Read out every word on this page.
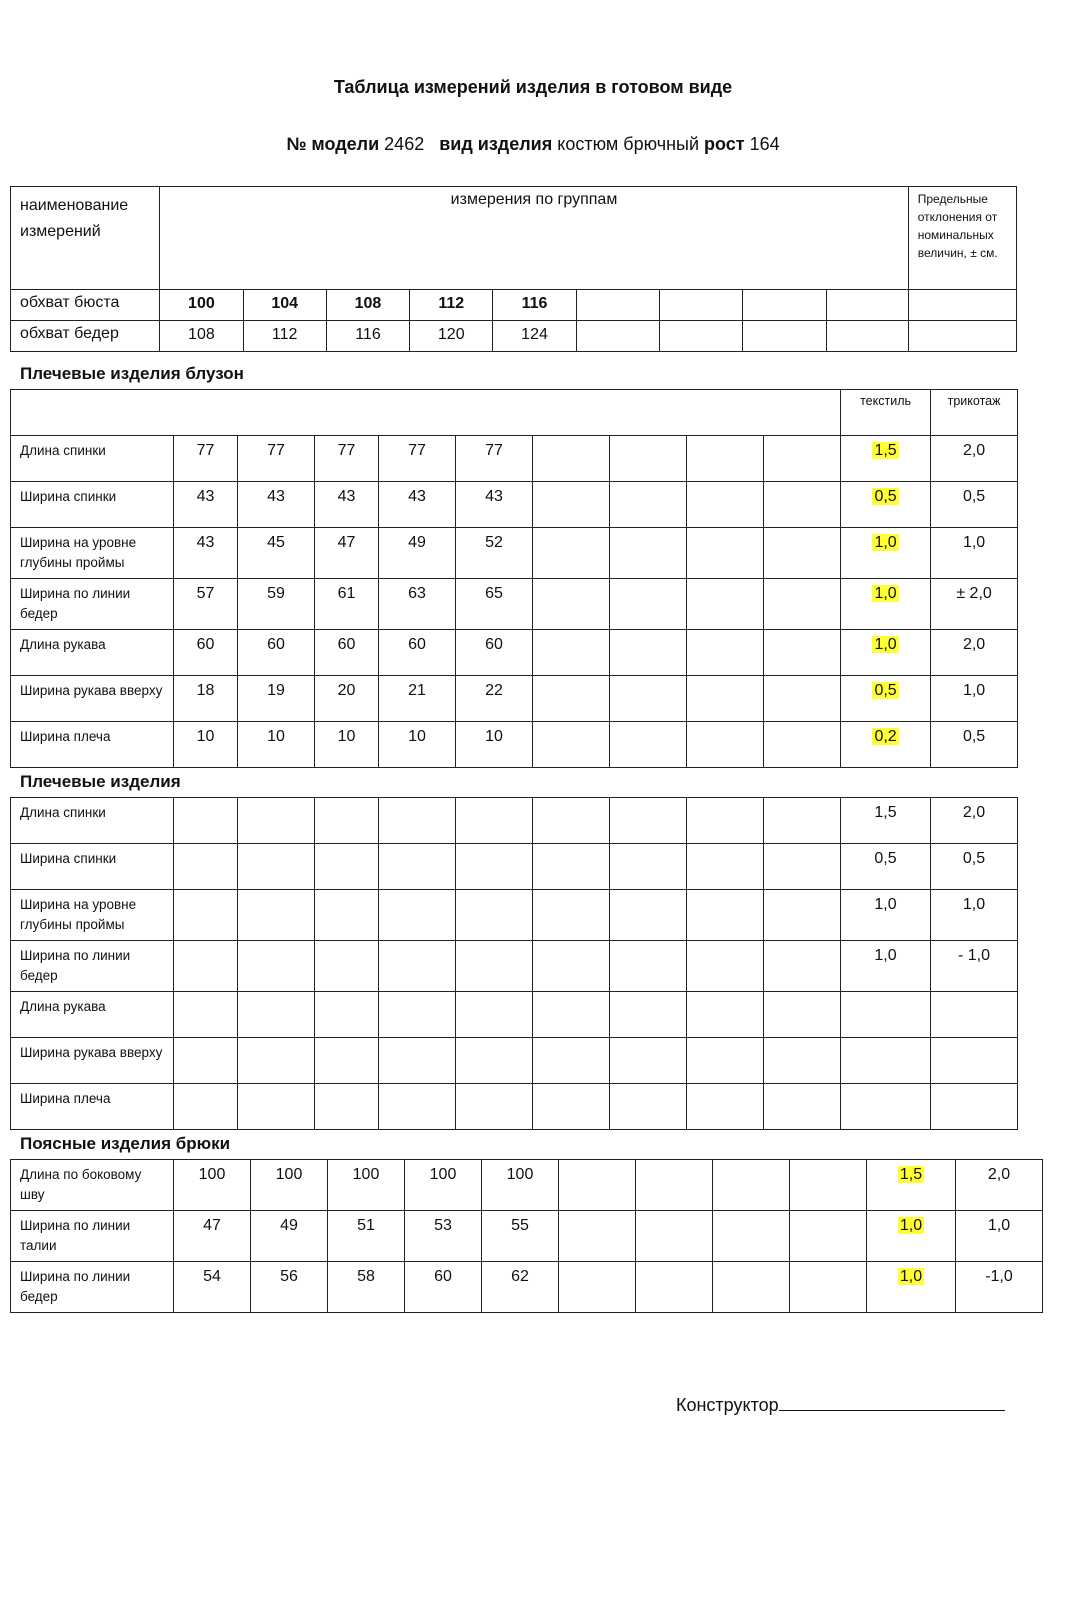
Таблица измерений изделия в готовом виде
№ модели 2462 вид изделия костюм брючный рост 164
наименование измерений	измерения по группам									Предельные отклонения от номинальных величин, ± см.
обхват бюста	100	104	108	112	116					
обхват бедер	108	112	116	120	124					
Плечевые изделия блузон
										текстиль	трикотаж
Длина спинки	77	77	77	77	77					1,5	2,0
Ширина спинки	43	43	43	43	43					0,5	0,5
Ширина на уровне глубины проймы	43	45	47	49	52					1,0	1,0
Ширина по линии бедер	57	59	61	63	65					1,0	± 2,0
Длина рукава	60	60	60	60	60					1,0	2,0
Ширина рукава вверху	18	19	20	21	22					0,5	1,0
Ширина плеча	10	10	10	10	10					0,2	0,5
Плечевые изделия
Длина спинки										1,5	2,0
Ширина спинки										0,5	0,5
Ширина на уровне глубины проймы										1,0	1,0
Ширина по линии бедер										1,0	- 1,0
Длина рукава											
Ширина рукава вверху											
Ширина плеча											
Поясные изделия брюки
Длина по боковому шву	100	100	100	100	100					1,5	2,0
Ширина по линии талии	47	49	51	53	55					1,0	1,0
Ширина по линии бедер	54	56	58	60	62					1,0	-1,0
Конструктор
